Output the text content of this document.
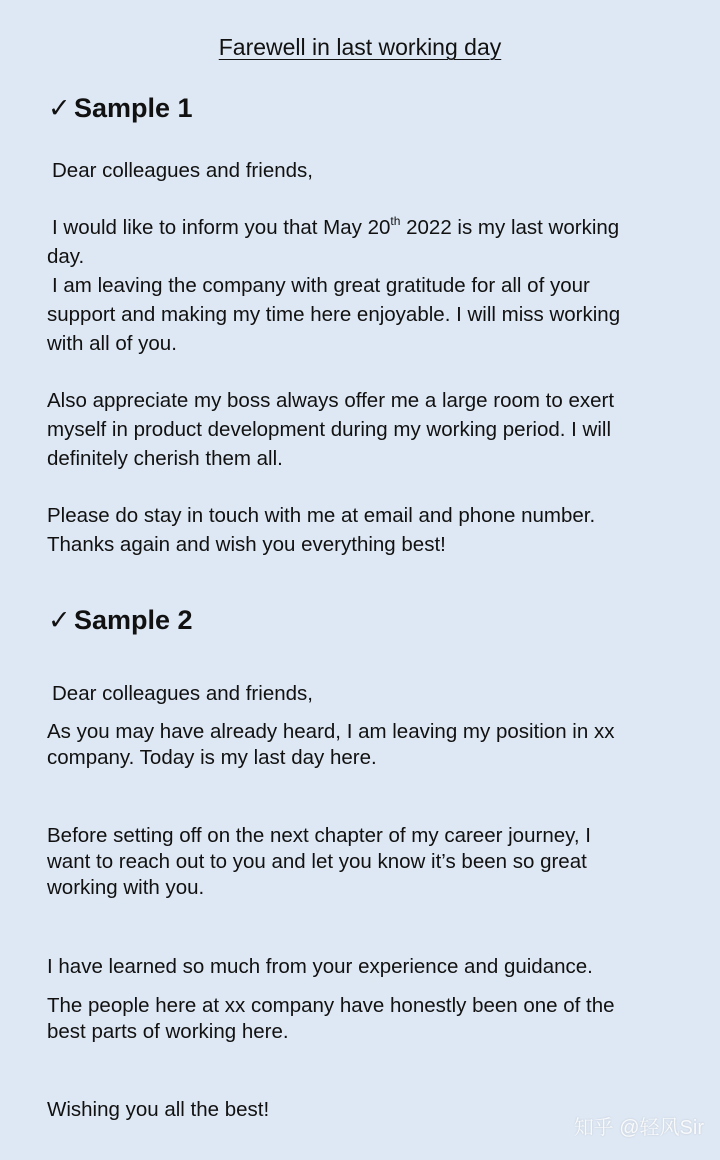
Farewell in last working day
✓ Sample 1
Dear colleagues and friends,
I would like to inform you that May 20th 2022 is my last working
day.
I am leaving the company with great gratitude for all of your
support and making my time here enjoyable. I will miss working
with all of you.
Also appreciate my boss always offer me a large room to exert
myself in product development during my working period. I will
definitely cherish them all.
Please do stay in touch with me at email and phone number.
Thanks again and wish you everything best!
✓ Sample 2
Dear colleagues and friends,
As you may have already heard, I am leaving my position in xx
company. Today is my last day here.
Before setting off on the next chapter of my career journey, I
want to reach out to you and let you know it’s been so great
working with you.
I have learned so much from your experience and guidance.
The people here at xx company have honestly been one of the
best parts of working here.
Wishing you all the best!
知乎 @轻风Sir
